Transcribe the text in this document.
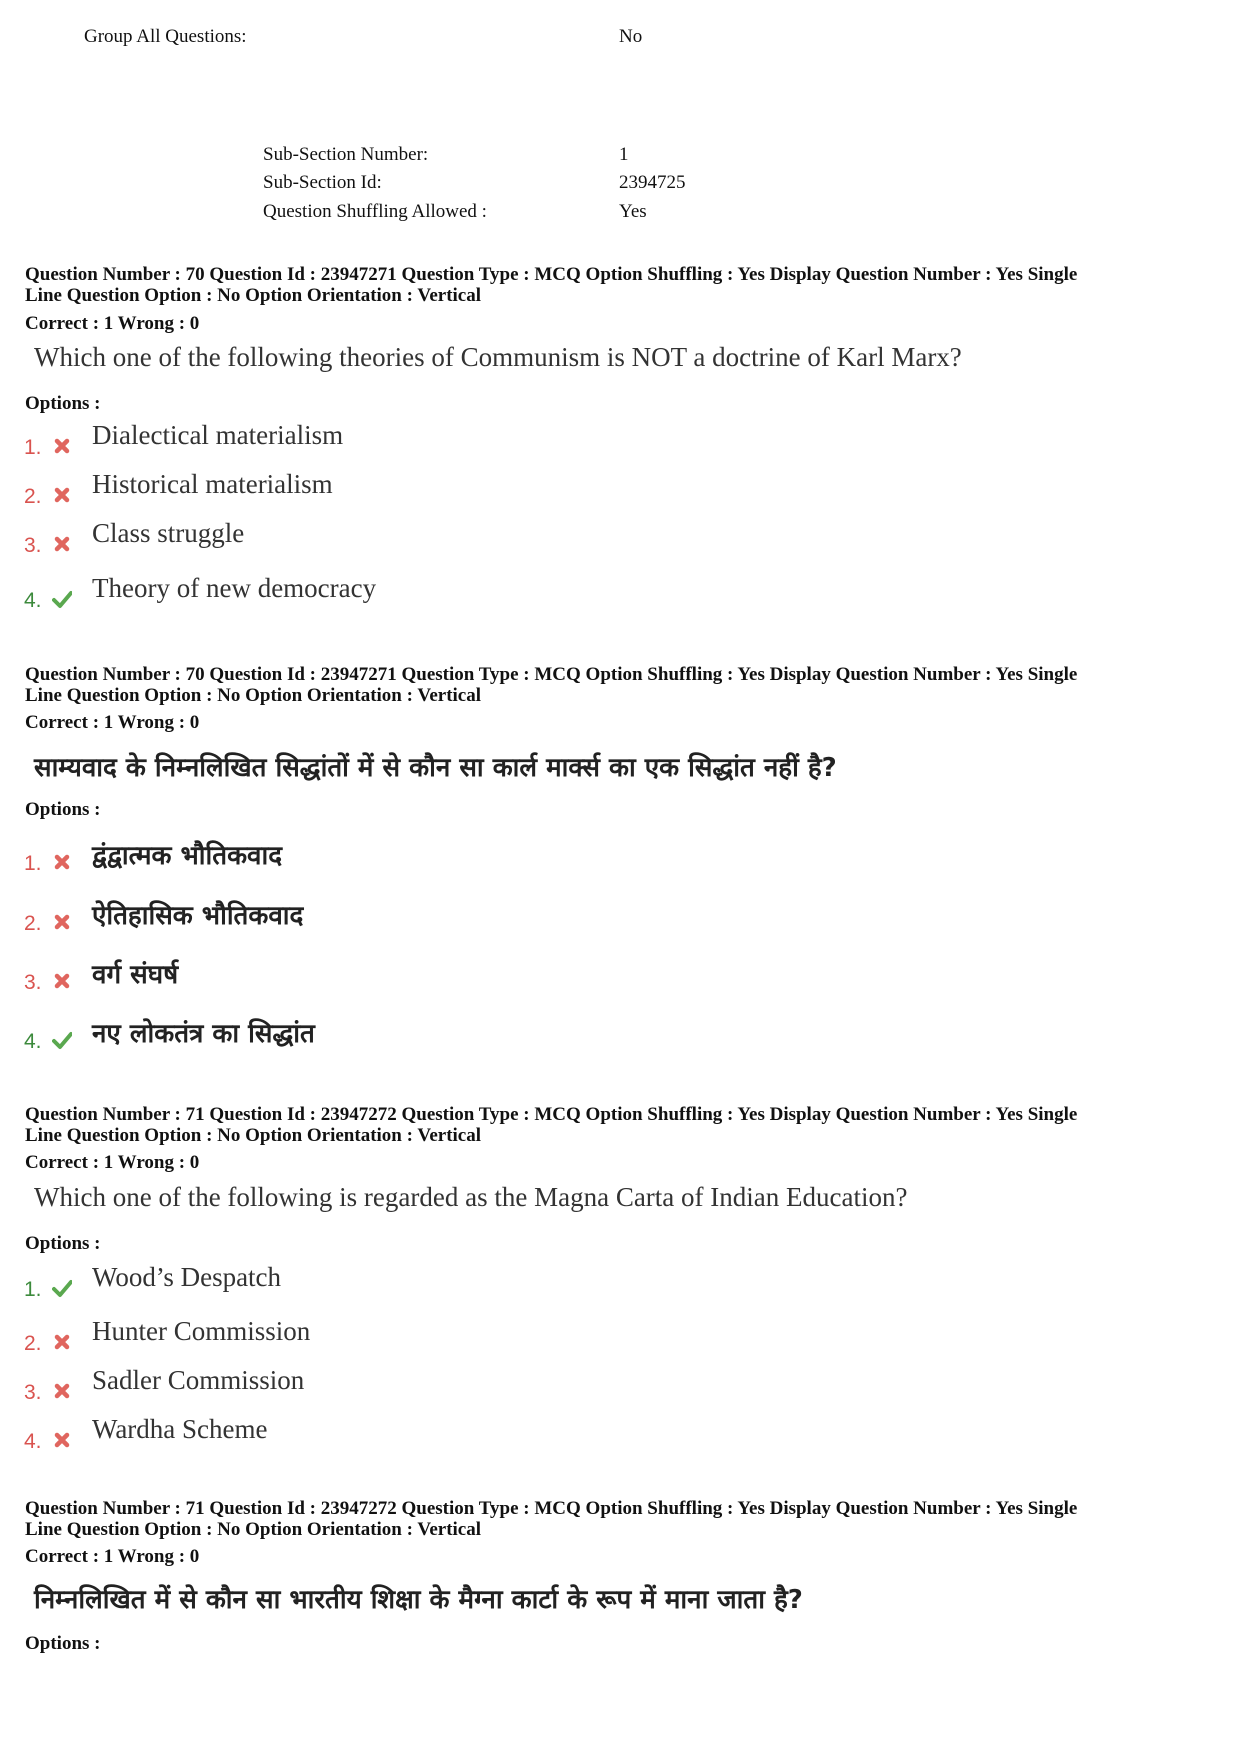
Group All Questions:	No
Sub-Section Number:	1
Sub-Section Id:	2394725
Question Shuffling Allowed :	Yes
Question Number : 70 Question Id : 23947271 Question Type : MCQ Option Shuffling : Yes Display Question Number : Yes Single
Line Question Option : No Option Orientation : Vertical
Correct : 1 Wrong : 0
Which one of the following theories of Communism is NOT a doctrine of Karl Marx?
Options :
1. Dialectical materialism
2. Historical materialism
3. Class struggle
4. Theory of new democracy
Question Number : 70 Question Id : 23947271 Question Type : MCQ Option Shuffling : Yes Display Question Number : Yes Single
Line Question Option : No Option Orientation : Vertical
Correct : 1 Wrong : 0
साम्यवाद के निम्नलिखित सिद्धांतों में से कौन सा कार्ल मार्क्स का एक सिद्धांत नहीं है?
Options :
1. द्वंद्वात्मक भौतिकवाद
2. ऐतिहासिक भौतिकवाद
3. वर्ग संघर्ष
4. नए लोकतंत्र का सिद्धांत
Question Number : 71 Question Id : 23947272 Question Type : MCQ Option Shuffling : Yes Display Question Number : Yes Single
Line Question Option : No Option Orientation : Vertical
Correct : 1 Wrong : 0
Which one of the following is regarded as the Magna Carta of Indian Education?
Options :
1. Wood’s Despatch
2. Hunter Commission
3. Sadler Commission
4. Wardha Scheme
Question Number : 71 Question Id : 23947272 Question Type : MCQ Option Shuffling : Yes Display Question Number : Yes Single
Line Question Option : No Option Orientation : Vertical
Correct : 1 Wrong : 0
निम्नलिखित में से कौन सा भारतीय शिक्षा के मैग्ना कार्टा के रूप में माना जाता है?
Options :
